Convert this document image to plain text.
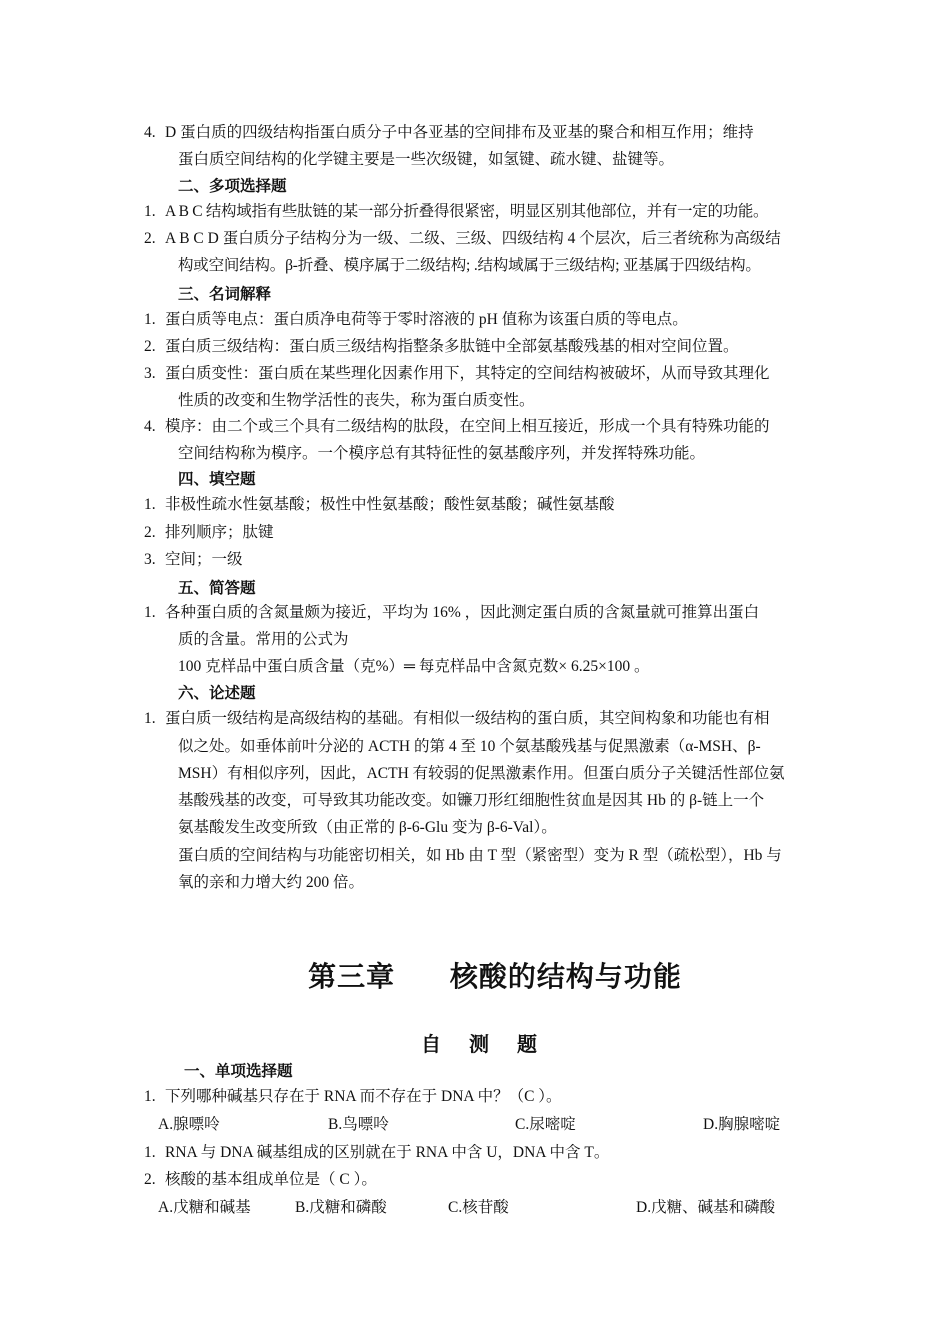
4. D 蛋白质的四级结构指蛋白质分子中各亚基的空间排布及亚基的聚合和相互作用；维持
蛋白质空间结构的化学键主要是一些次级键，如氢键、疏水键、盐键等。
二、多项选择题
1. A B C 结构域指有些肽链的某一部分折叠得很紧密，明显区别其他部位，并有一定的功能。
2. A B C D 蛋白质分子结构分为一级、二级、三级、四级结构 4 个层次，后三者统称为高级结
构或空间结构。β-折叠、模序属于二级结构; .结构域属于三级结构; 亚基属于四级结构。
三、名词解释
1. 蛋白质等电点：蛋白质净电荷等于零时溶液的 pH 值称为该蛋白质的等电点。
2. 蛋白质三级结构：蛋白质三级结构指整条多肽链中全部氨基酸残基的相对空间位置。
3. 蛋白质变性：蛋白质在某些理化因素作用下，其特定的空间结构被破坏，从而导致其理化
性质的改变和生物学活性的丧失，称为蛋白质变性。
4. 模序：由二个或三个具有二级结构的肽段，在空间上相互接近，形成一个具有特殊功能的
空间结构称为模序。一个模序总有其特征性的氨基酸序列，并发挥特殊功能。
四、填空题
1. 非极性疏水性氨基酸；极性中性氨基酸；酸性氨基酸；碱性氨基酸
2. 排列顺序；肽键
3. 空间；一级
五、简答题
1. 各种蛋白质的含氮量颇为接近，平均为 16% ，因此测定蛋白质的含氮量就可推算出蛋白
质的含量。常用的公式为
100 克样品中蛋白质含量（克%）═ 每克样品中含氮克数× 6.25×100 。
六、论述题
1. 蛋白质一级结构是高级结构的基础。有相似一级结构的蛋白质，其空间构象和功能也有相
似之处。如垂体前叶分泌的 ACTH 的第 4 至 10 个氨基酸残基与促黑激素（α-MSH、β-
MSH）有相似序列，因此，ACTH 有较弱的促黑激素作用。但蛋白质分子关键活性部位氨
基酸残基的改变，可导致其功能改变。如镰刀形红细胞性贫血是因其 Hb 的 β-链上一个
氨基酸发生改变所致（由正常的 β-6-Glu 变为 β-6-Val）。
蛋白质的空间结构与功能密切相关，如 Hb 由 T 型（紧密型）变为 R 型（疏松型），Hb 与
氧的亲和力增大约 200 倍。
第三章 核酸的结构与功能
自测题
一、单项选择题
1. 下列哪种碱基只存在于 RNA 而不存在于 DNA 中？（C ）。
A.腺嘌呤	B.鸟嘌呤	C.尿嘧啶	D.胸腺嘧啶
1. RNA 与 DNA 碱基组成的区别就在于 RNA 中含 U，DNA 中含 T。
2. 核酸的基本组成单位是（ C ）。
A.戊糖和碱基	B.戊糖和磷酸	C.核苷酸	D.戊糖、碱基和磷酸
